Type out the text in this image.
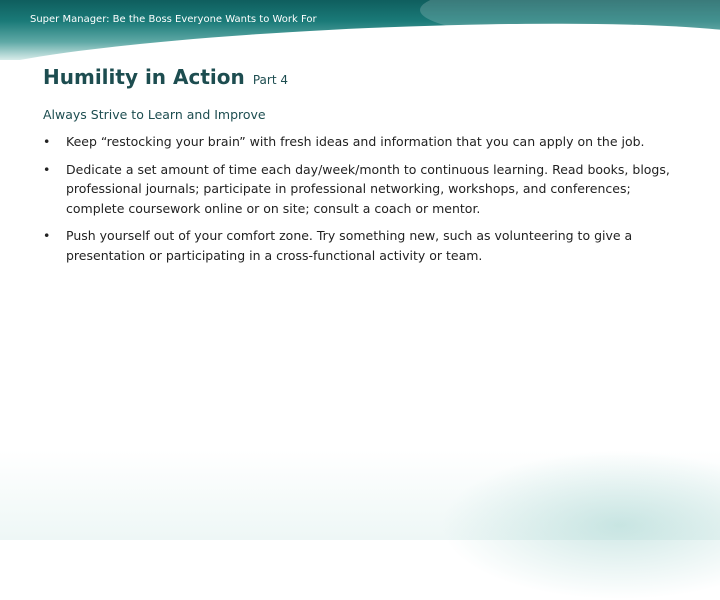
Super Manager: Be the Boss Everyone Wants to Work For
Humility in Action Part 4
Always Strive to Learn and Improve
• Keep “restocking your brain” with fresh ideas and information that you can apply on the job.
• Dedicate a set amount of time each day/week/month to continuous learning. Read books, blogs, professional journals; participate in professional networking, workshops, and conferences; complete coursework online or on site; consult a coach or mentor.
• Push yourself out of your comfort zone. Try something new, such as volunteering to give a presentation or participating in a cross-functional activity or team.
